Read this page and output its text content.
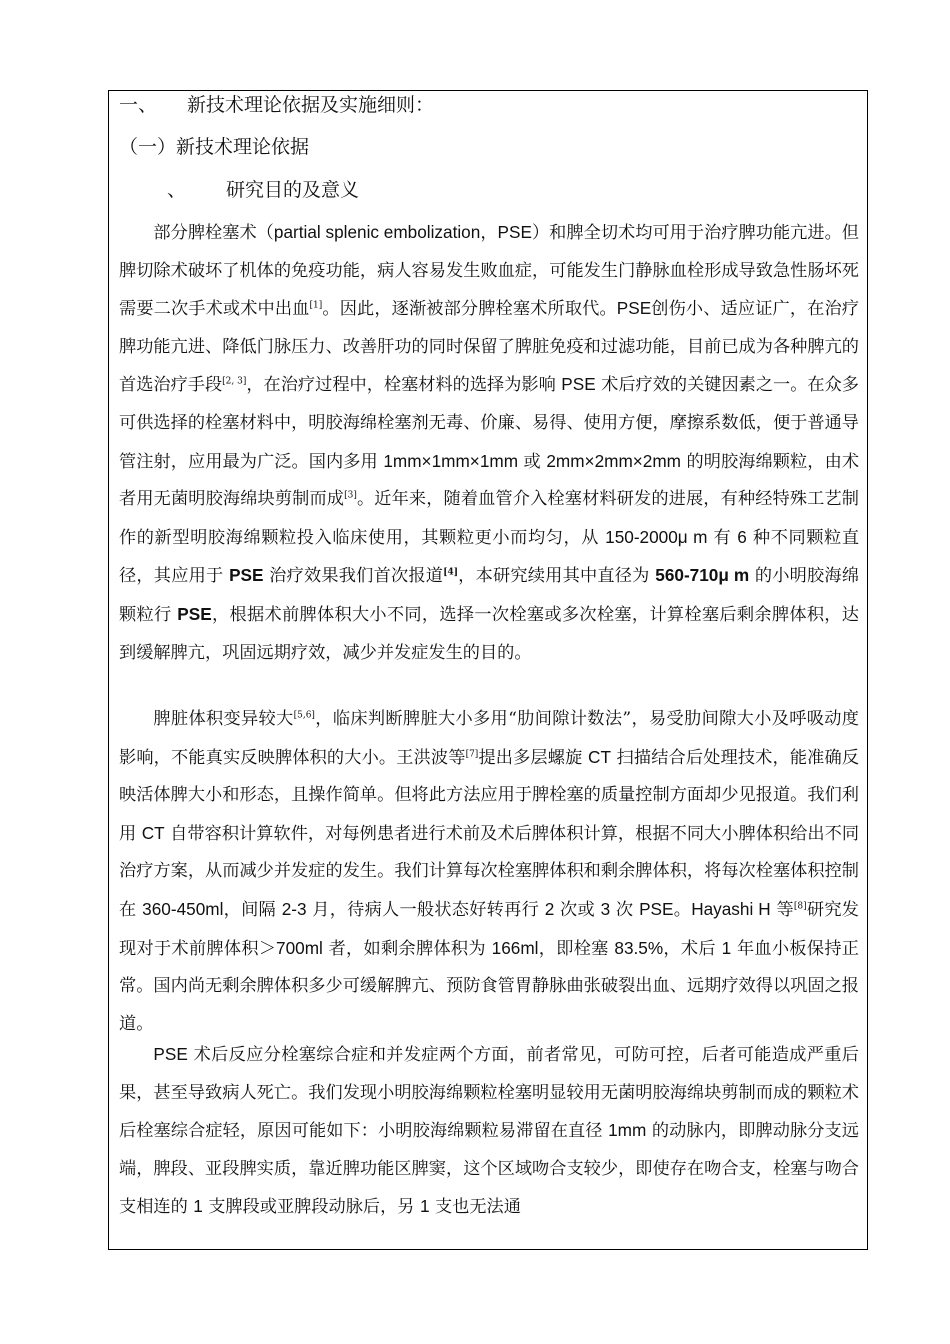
一、 新技术理论依据及实施细则：
（一）新技术理论依据
、 研究目的及意义

部分脾栓塞术（partial splenic embolization，PSE）和脾全切术均可用于治疗脾功能亢进。但脾切除术破坏了机体的免疫功能，病人容易发生败血症，可能发生门静脉血栓形成导致急性肠坏死需要二次手术或术中出血[1]。因此，逐渐被部分脾栓塞术所取代。PSE创伤小、适应证广，在治疗脾功能亢进、降低门脉压力、改善肝功的同时保留了脾脏免疫和过滤功能，目前已成为各种脾亢的首选治疗手段[2, 3]，在治疗过程中，栓塞材料的选择为影响 PSE 术后疗效的关键因素之一。在众多可供选择的栓塞材料中，明胶海绵栓塞剂无毒、价廉、易得、使用方便，摩擦系数低，便于普通导管注射，应用最为广泛。国内多用 1mm×1mm×1mm 或 2mm×2mm×2mm 的明胶海绵颗粒，由术者用无菌明胶海绵块剪制而成[3]。近年来，随着血管介入栓塞材料研发的进展，有种经特殊工艺制作的新型明胶海绵颗粒投入临床使用，其颗粒更小而均匀，从 150-2000μ m 有 6 种不同颗粒直径，其应用于 PSE 治疗效果我们首次报道[4]，本研究续用其中直径为 560-710μ m 的小明胶海绵颗粒行 PSE，根据术前脾体积大小不同，选择一次栓塞或多次栓塞，计算栓塞后剩余脾体积，达到缓解脾亢，巩固远期疗效，减少并发症发生的目的。

脾脏体积变异较大[5,6]，临床判断脾脏大小多用“肋间隙计数法”，易受肋间隙大小及呼吸动度影响，不能真实反映脾体积的大小。王洪波等[7]提出多层螺旋 CT 扫描结合后处理技术，能准确反映活体脾大小和形态，且操作简单。但将此方法应用于脾栓塞的质量控制方面却少见报道。我们利用 CT 自带容积计算软件，对每例患者进行术前及术后脾体积计算，根据不同大小脾体积给出不同治疗方案，从而减少并发症的发生。我们计算每次栓塞脾体积和剩余脾体积，将每次栓塞体积控制在 360-450ml，间隔 2-3 月，待病人一般状态好转再行 2 次或 3 次 PSE。Hayashi H 等[8]研究发现对于术前脾体积＞700ml 者，如剩余脾体积为 166ml，即栓塞 83.5%，术后 1 年血小板保持正常。国内尚无剩余脾体积多少可缓解脾亢、预防食管胃静脉曲张破裂出血、远期疗效得以巩固之报道。

PSE 术后反应分栓塞综合症和并发症两个方面，前者常见，可防可控，后者可能造成严重后果，甚至导致病人死亡。我们发现小明胶海绵颗粒栓塞明显较用无菌明胶海绵块剪制而成的颗粒术后栓塞综合症轻，原因可能如下：小明胶海绵颗粒易滞留在直径 1mm 的动脉内，即脾动脉分支远端，脾段、亚段脾实质，靠近脾功能区脾窦，这个区域吻合支较少，即使存在吻合支，栓塞与吻合支相连的 1 支脾段或亚脾段动脉后，另 1 支也无法通
